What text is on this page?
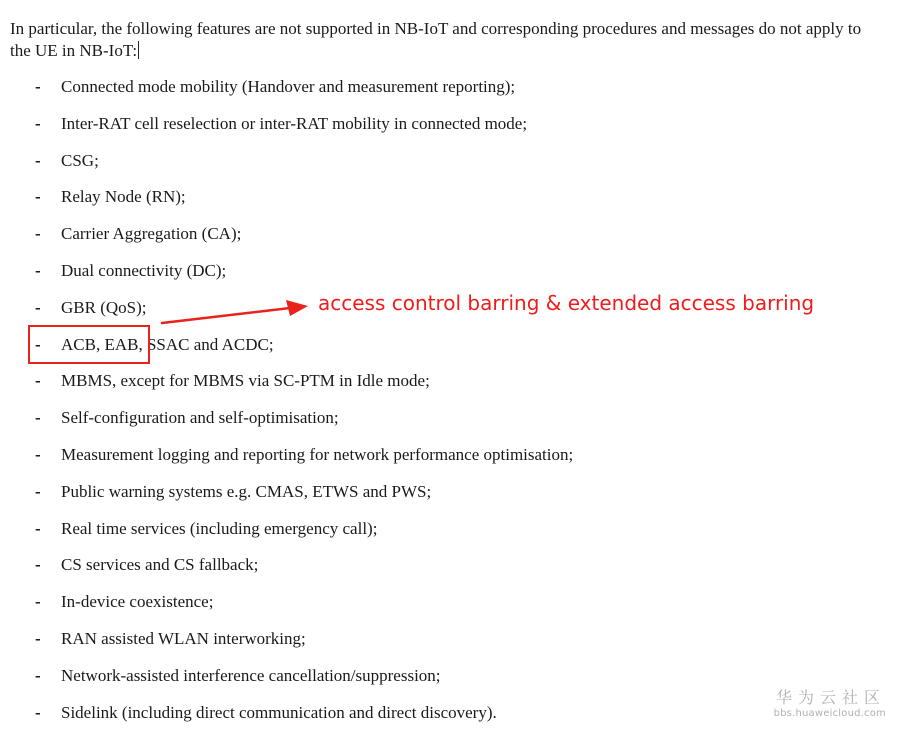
In particular, the following features are not supported in NB-IoT and corresponding procedures and messages do not apply to the UE in NB-IoT:
- Connected mode mobility (Handover and measurement reporting);
- Inter-RAT cell reselection or inter-RAT mobility in connected mode;
- CSG;
- Relay Node (RN);
- Carrier Aggregation (CA);
- Dual connectivity (DC);
- GBR (QoS);
- ACB, EAB, SSAC and ACDC;
- MBMS, except for MBMS via SC-PTM in Idle mode;
- Self-configuration and self-optimisation;
- Measurement logging and reporting for network performance optimisation;
- Public warning systems e.g. CMAS, ETWS and PWS;
- Real time services (including emergency call);
- CS services and CS fallback;
- In-device coexistence;
- RAN assisted WLAN interworking;
- Network-assisted interference cancellation/suppression;
- Sidelink (including direct communication and direct discovery).
access control barring & extended access barring
华为云社区
bbs.huaweicloud.com
